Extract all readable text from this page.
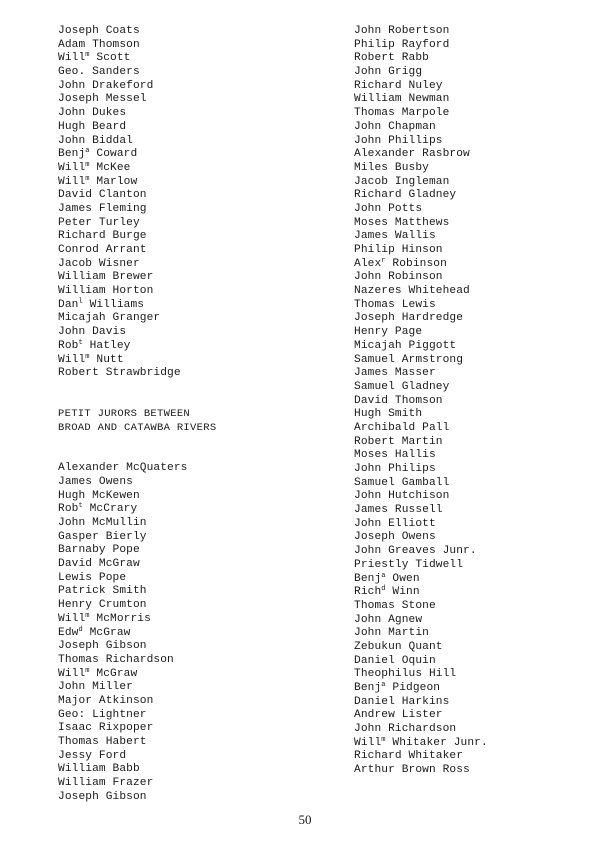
Joseph Coats
Adam Thomson
Will$^m$ Scott
Geo. Sanders
John Drakeford
Joseph Messel
John Dukes
Hugh Beard
John Biddal
Benj$^a$ Coward
Will$^m$ McKee
Will$^m$ Marlow
David Clanton
James Fleming
Peter Turley
Richard Burge
Conrod Arrant
Jacob Wisner
William Brewer
William Horton
Dan$^l$ Williams
Micajah Granger
John Davis
Rob$^t$ Hatley
Will$^m$ Nutt
Robert Strawbridge
PETIT JURORS BETWEEN
BROAD AND CATAWBA RIVERS
Alexander McQuaters
James Owens
Hugh McKewen
Rob$^t$ McCrary
John McMullin
Gasper Bierly
Barnaby Pope
David McGraw
Lewis Pope
Patrick Smith
Henry Crumton
Will$^m$ McMorris
Edw$^d$ McGraw
Joseph Gibson
Thomas Richardson
Will$^m$ McGraw
John Miller
Major Atkinson
Geo: Lightner
Isaac Rixpoper
Thomas Habert
Jessy Ford
William Babb
William Frazer
Joseph Gibson
John Robertson
Philip Rayford
Robert Rabb
John Grigg
Richard Nuley
William Newman
Thomas Marpole
John Chapman
John Phillips
Alexander Rasbrow
Miles Busby
Jacob Ingleman
Richard Gladney
John Potts
Moses Matthews
James Wallis
Philip Hinson
Alex$^r$ Robinson
John Robinson
Nazeres Whitehead
Thomas Lewis
Joseph Hardredge
Henry Page
Micajah Piggott
Samuel Armstrong
James Masser
Samuel Gladney
David Thomson
Hugh Smith
Archibald Pall
Robert Martin
Moses Hallis
John Philips
Samuel Gamball
John Hutchison
James Russell
John Elliott
Joseph Owens
John Greaves Junr.
Priestly Tidwell
Benj$^a$ Owen
Rich$^d$ Winn
Thomas Stone
John Agnew
John Martin
Zebukun Quant
Daniel Oquin
Theophilus Hill
Benj$^a$ Pidgeon
Daniel Harkins
Andrew Lister
John Richardson
Will$^m$ Whitaker Junr.
Richard Whitaker
Arthur Brown Ross
50
